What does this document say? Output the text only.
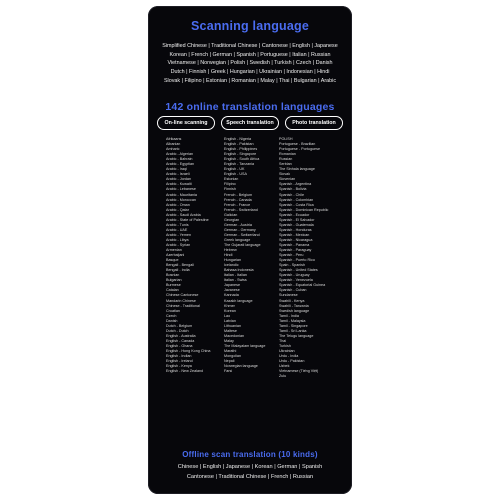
Scanning language
Simplified Chinese | Traditional Chinese | Cantonese | English | Japanese
Korean | French | German | Spanish | Portuguese | Italian | Russian
Vietnamese | Norwegian | Polish | Swedish | Turkish | Czech | Danish
Dutch | Finnish | Greek | Hungarian | Ukrainian | Indonesian | Hindi
Slovak | Filipino | Estonian | Romanian | Malay | Thai | Bulgarian | Arabic
142 online translation languages
On-line scanning	Speech translation	Photo translation
Afrikaans
Albanian
Amharic
Arabic - Algerian
Arabic - Bahrain
Arabic - Egyptian
Arabic - Iraqi
Arabic - Israeli
Arabic - Jordan
Arabic - Kuwaiti
Arabic - Lebanese
Arabic - Mauritania
Arabic - Moroccan
Arabic - Oman
Arabic - Qatar
Arabic - Saudi Arabia
Arabic - State of Palestine
Arabic - Tunis
Arabic - UAE
Arabic - Yemen
Arabic - Libya
Arabic - Syrian
Armenian
Azerbaijani
Basque
Bengali - Bengali
Bengali - India
Bosnian
Bulgarian
Burmese
Catalan
Chinese Cantonese
Mandarin Chinese
Chinese - Traditional
Croatian
Czech
Danish
Dutch - Belgium
Dutch - Dutch
English - Australia
English - Canada
English - Ghana
English - Hong Kong China
English - Indian
English - Ireland
English - Kenya
English - New Zealand
English - Nigeria
English - Pakistan
English - Philippines
English - Singapore
English - South Africa
English - Tanzania
English - UK
English - USA
Estonian
Filipino
Finnish
French - Belgium
French - Canada
French - France
French - Switzerland
Galician
Georgian
German - Austria
German - Germany
German - Switzerland
Greek language
The Gujarati language
Hebrew
Hindi
Hungarian
Icelandic
Bahasa Indonesia
Italian - Italian
Italian - Swiss
Japanese
Javanese
Kannada
Kazakh language
Khmer
Korean
Lao
Latvian
Lithuanian
Maltese
Macedonian
Malay
The Malayalam language
Marathi
Mongolian
Nepali
Norwegian language
Farsi
POLISH
Portuguese - Brazilian
Portuguese - Portuguese
Romanian
Russian
Serbian
The Sinhala language
Slovak
Slovenian
Spanish - Argentina
Spanish - Bolivia
Spanish - Chile
Spanish - Colombian
Spanish - Costa Rica
Spanish - Dominican Republic
Spanish - Ecuador
Spanish - El Salvador
Spanish - Guatemala
Spanish - Honduras
Spanish - Mexican
Spanish - Nicaragua
Spanish - Panama
Spanish - Paraguay
Spanish - Peru
Spanish - Puerto Rico
Spain - Spanish
Spanish - United States
Spanish - Uruguay
Spanish - Venezuela
Spanish - Equatorial Guinea
Spanish - Cuban
Sundanese
Swahili - Kenya
Swahili - Tanzania
Swedish language
Tamil - India
Tamil - Malaysia
Tamil - Singapore
Tamil - Sri Lanka
The Telugu language
Thai
Turkish
Ukrainian
Urdu - India
Urdu - Pakistan
Uzbek
Vietnamese (Tiếng Việt)
Zulu
Offline scan translation (10 kinds)
Chinese | English | Japanese | Korean | German | Spanish
Cantonese | Traditional Chinese | French | Russian
